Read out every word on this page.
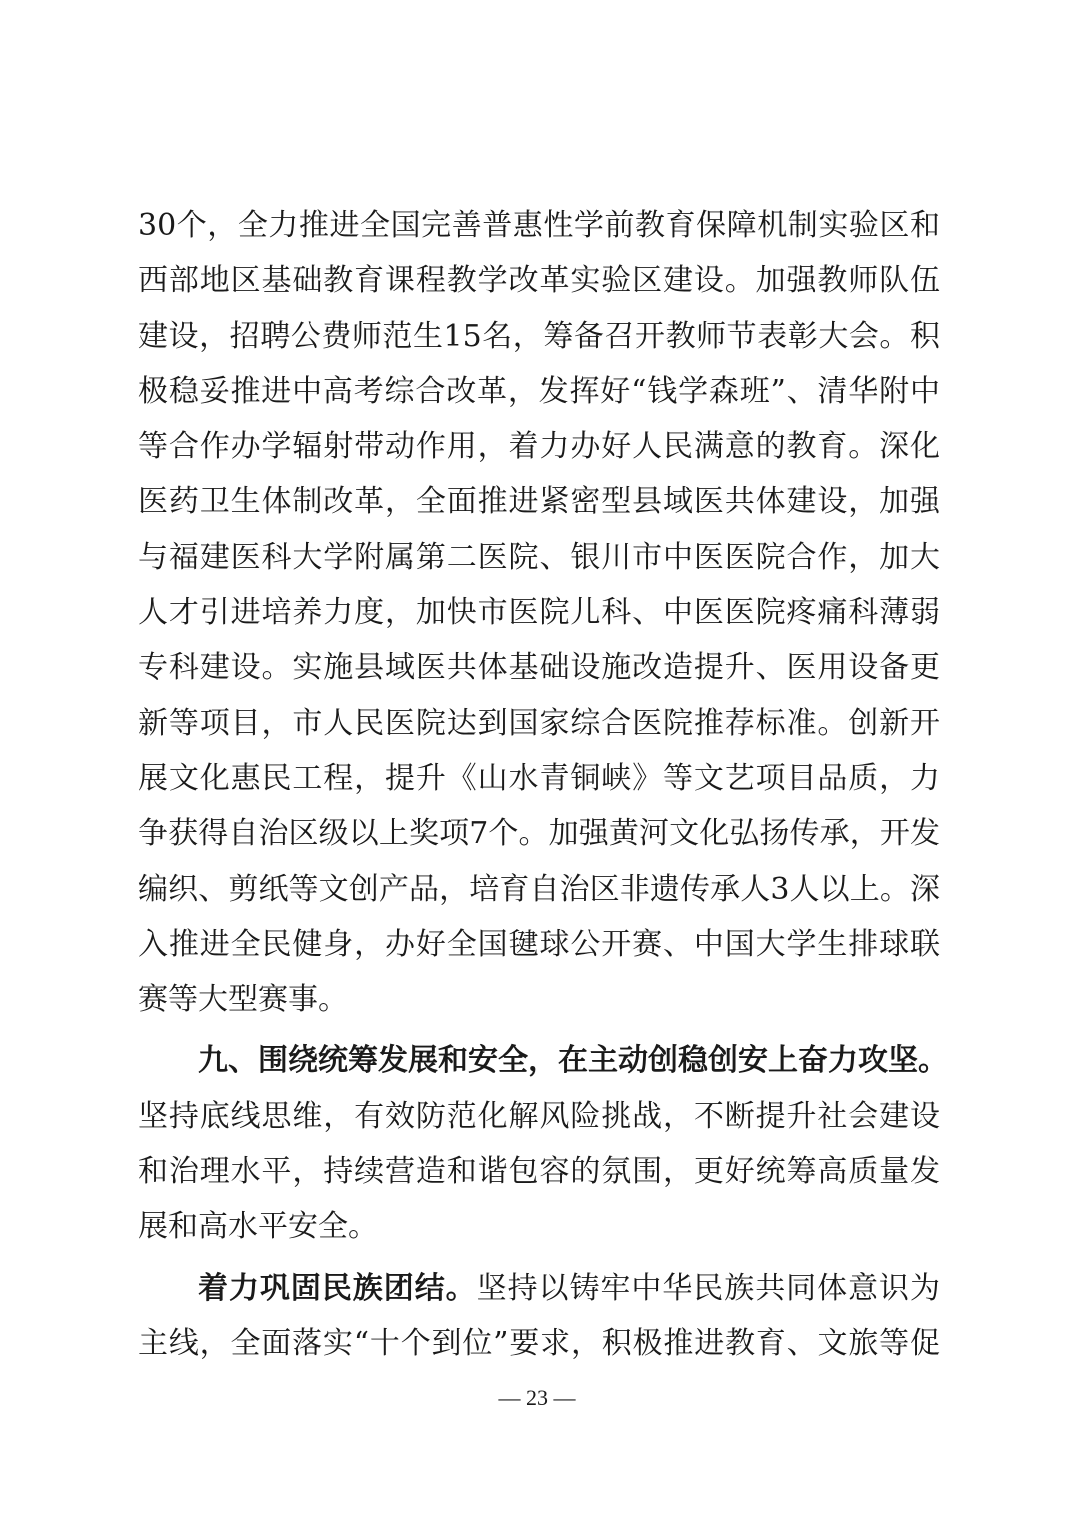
30个，全力推进全国完善普惠性学前教育保障机制实验区和
西部地区基础教育课程教学改革实验区建设。加强教师队伍
建设，招聘公费师范生15名，筹备召开教师节表彰大会。积
极稳妥推进中高考综合改革，发挥好“钱学森班”、清华附中
等合作办学辐射带动作用，着力办好人民满意的教育。深化
医药卫生体制改革，全面推进紧密型县域医共体建设，加强
与福建医科大学附属第二医院、银川市中医医院合作，加大
人才引进培养力度，加快市医院儿科、中医医院疼痛科薄弱
专科建设。实施县域医共体基础设施改造提升、医用设备更
新等项目，市人民医院达到国家综合医院推荐标准。创新开
展文化惠民工程，提升《山水青铜峡》等文艺项目品质，力
争获得自治区级以上奖项7个。加强黄河文化弘扬传承，开发
编织、剪纸等文创产品，培育自治区非遗传承人3人以上。深
入推进全民健身，办好全国毽球公开赛、中国大学生排球联
赛等大型赛事。
九、围绕统筹发展和安全，在主动创稳创安上奋力攻坚。
坚持底线思维，有效防范化解风险挑战，不断提升社会建设
和治理水平，持续营造和谐包容的氛围，更好统筹高质量发
展和高水平安全。
着力巩固民族团结。坚持以铸牢中华民族共同体意识为
主线，全面落实“十个到位”要求，积极推进教育、文旅等促
— 23 —
